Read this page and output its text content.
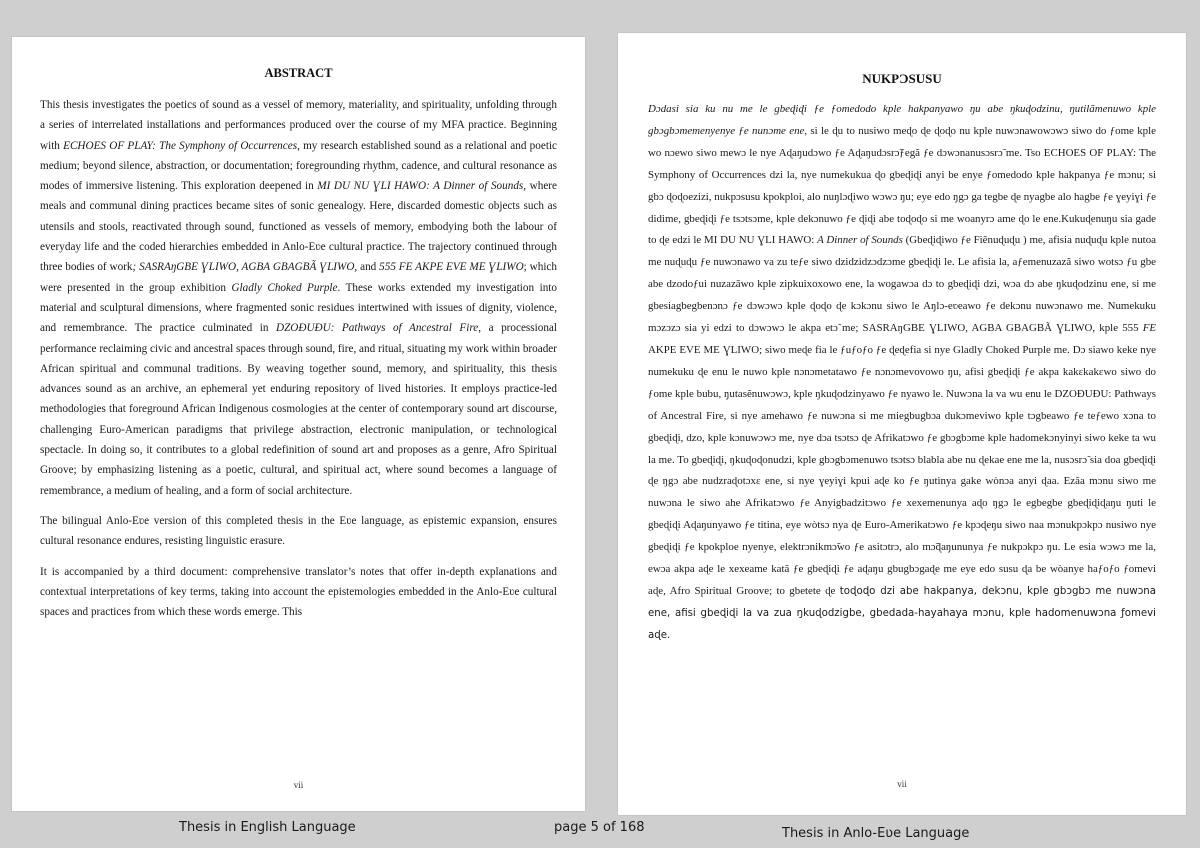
ABSTRACT

This thesis investigates the poetics of sound as a vessel of memory, materiality, and spirituality, unfolding through a series of interrelated installations and performances produced over the course of my MFA practice. Beginning with ECHOES OF PLAY: The Symphony of Occurrences, my research established sound as a relational and poetic medium; beyond silence, abstraction, or documentation; foregrounding rhythm, cadence, and cultural resonance as modes of immersive listening. This exploration deepened in MI DU NU ƔLI HAWO: A Dinner of Sounds, where meals and communal dining practices became sites of sonic genealogy. Here, discarded domestic objects such as utensils and stools, reactivated through sound, functioned as vessels of memory, embodying both the labour of everyday life and the coded hierarchies embedded in Anlo-Eʋe cultural practice. The trajectory continued through three bodies of work; SASRAŋGBE ƔLIWO, AGBA GBAGBÃ ƔLIWO, and 555 FE AKPE EVE ME ƔLIWO; which were presented in the group exhibition Gladly Choked Purple. These works extended my investigation into material and sculptural dimensions, where fragmented sonic residues intertwined with issues of dignity, violence, and remembrance. The practice culminated in DZOĐUĐU: Pathways of Ancestral Fire, a processional performance reclaiming civic and ancestral spaces through sound, fire, and ritual, situating my work within broader African spiritual and communal traditions. By weaving together sound, memory, and spirituality, this thesis advances sound as an archive, an ephemeral yet enduring repository of lived histories. It employs practice-led methodologies that foreground African Indigenous cosmologies at the center of contemporary sound art discourse, challenging Euro-American paradigms that privilege abstraction, electronic manipulation, or technological spectacle. In doing so, it contributes to a global redefinition of sound art and proposes as a genre, Afro Spiritual Groove; by emphasizing listening as a poetic, cultural, and spiritual act, where sound becomes a language of remembrance, a medium of healing, and a form of social architecture.

The bilingual Anlo-Eʋe version of this completed thesis in the Eʋe language, as epistemic expansion, ensures cultural resonance endures, resisting linguistic erasure.

It is accompanied by a third document: comprehensive translator’s notes that offer in-depth explanations and contextual interpretations of key terms, taking into account the epistemologies embedded in the Anlo-Eʋe cultural spaces and practices from which these words emerge. This

vii
NUKPƆSUSU

Dɔdasi sia ku nu me le gbeɖiɖi ƒe ƒomedodo kple hakpanyawo ŋu abe ŋkuɖodzinu, ŋutilãmenuwo kple gbɔgbɔmemenyenye ƒe nunɔme ene, si le ɖu to nusiwo meɖo ɖe ɖoɖo nu kple nuwɔnawowɔwɔ siwo do ƒome kple wo nɔewo siwo mewɔ le nye Aɖaŋudɔwo ƒe Aɖaŋudɔsrɔ̃ƒegã ƒe dɔwɔnanusɔsrɔ̃ me. Tso ECHOES OF PLAY: The Symphony of Occurrences dzi la, nye numekukua ɖo gbeɖiɖi anyi be enye ƒomedodo kple hakpanya ƒe mɔnu; si gbɔ ɖoɖoezizi, nukpɔsusu kpokploi, alo nuŋlɔɖiwo wɔwɔ ŋu; eye edo ŋgɔ ga tegbe ɖe nyagbe alo hagbe ƒe ɣeyiɣi ƒe didime, gbeɖiɖi ƒe tsɔtsɔme, kple dekɔnuwo ƒe ɖiɖi abe toɖoɖo si me woanyrɔ ame ɖo le ene.Kukuɖenuŋu sia gade to ɖe edzi le MI DU NU ƔLI HAWO: A Dinner of Sounds (Gbeɖiɖiwo ƒe Fiẽnuɖuɖu ) me, afisia nuɖuɖu kple nutoa me nuɖuɖu ƒe nuwɔnawo va zu teƒe siwo dzidzidzɔdzɔme gbeɖiɖi le. Le afisia la, aƒemenuzazã siwo wotsɔ ƒu gbe abe dzodoƒui nuzazãwo kple zipkuixoxowo ene, la wogawɔa dɔ to gbeɖiɖi dzi, wɔa dɔ abe ŋkuɖodzinu ene, si me gbesiagbegbenɔnɔ ƒe dɔwɔwɔ kple ɖoɖo ɖe kɔkɔnu siwo le Aŋlɔ-eʋeawo ƒe dekɔnu nuwɔnawo me. Numekuku mɔzɔzɔ sia yi edzi to dɔwɔwɔ le akpa etɔ̃ me; SASRAŋGBE ƔLIWO, AGBA GBAGBÃ ƔLIWO, kple 555 FE AKPE EVE ME ƔLIWO; siwo meɖe fia le ƒuƒoƒo ƒe ɖeɖefia si nye Gladly Choked Purple me. Dɔ siawo keke nye numekuku ɖe enu le nuwo kple nɔnɔmetatawo ƒe nɔnɔmevovowo ŋu, afisi gbeɖiɖi ƒe akpa kakɛkakɛwo siwo do ƒome kple bubu, ŋutasẽnuwɔwɔ, kple ŋkuɖodzinyawo ƒe nyawo le. Nuwɔna la va wu enu le DZOĐUĐU: Pathways of Ancestral Fire, si nye amehawo ƒe nuwɔna si me miegbugbɔa dukɔmeviwo kple tɔgbeawo ƒe teƒewo xɔna to gbeɖiɖi, dzo, kple kɔnuwɔwɔ me, nye dɔa tsɔtsɔ ɖe Afrikatɔwo ƒe gbɔgbɔme kple hadomekɔnyinyi siwo keke ta wu la me. To gbeɖiɖi, ŋkuɖoɖonudzi, kple gbɔgbɔmenuwo tsɔtsɔ blabla abe nu ɖekae ene me la, nusɔsrɔ̃ sia doa gbeɖiɖi ɖe ŋgɔ abe nudzraɖotɔxɛ ene, si nye ɣeyiɣi kpui aɖe ko ƒe ŋutinya gake wònɔa anyi ɖaa. Ezãa mɔnu siwo me nuwɔna le siwo ahe Afrikatɔwo ƒe Anyigbadzitɔwo ƒe xexemenunya aɖo ŋgɔ le egbegbe gbeɖiɖiɖaŋu ŋuti le gbeɖiɖi Aɖaŋunyawo ƒe titina, eye wòtsɔ nya ɖe Euro-Amerikatɔwo ƒe kpɔɖeŋu siwo naa mɔnukpɔkpɔ nusiwo nye gbeɖiɖi ƒe kpokploe nyenye, elektrɔnikmɔ̃wo ƒe asitɔtrɔ, alo mɔ̃ɖaŋununya ƒe nukpɔkpɔ ŋu. Le esia wɔwɔ me la, ewɔa akpa aɖe le xexeame katã ƒe gbeɖiɖi ƒe aɖaŋu gbugbɔgaɖe me eye edo susu ɖa be wòanye haƒoƒo ƒomevi aɖe, Afro Spiritual Groove; to gbetete ɖe toɖoɖo dzi abe hakpanya, dekɔnu, kple gbɔgbɔ me nuwɔna ene, afisi gbeɖiɖi la va zua ŋkuɖodzigbe, gbedada-hayahaya mɔnu, kple hadomenuwɔna ƒomevi aɖe.

vii
Thesis in English Language	page 5 of 168	Thesis in Anlo-Eʋe Language
